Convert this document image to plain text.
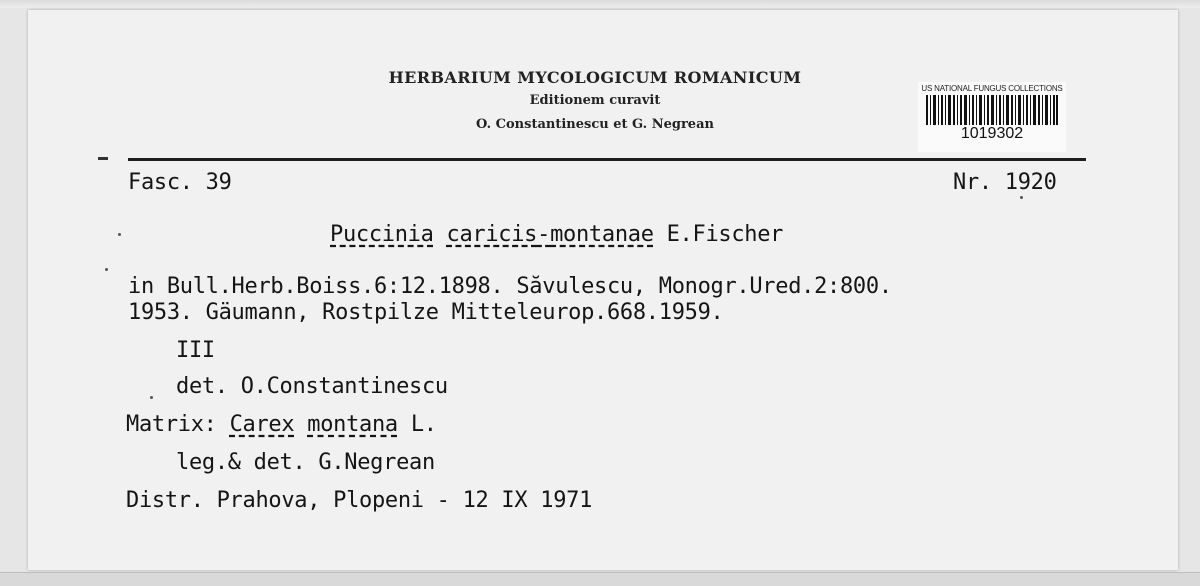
HERBARIUM MYCOLOGICUM ROMANICUM
Editionem curavit
O. Constantinescu et G. Negrean
US NATIONAL FUNGUS COLLECTIONS
1019302
Fasc. 39	Nr. 1920
Puccinia caricis-montanae E.Fischer
in Bull.Herb.Boiss.6:12.1898. Săvulescu, Monogr.Ured.2:800.
1953. Gäumann, Rostpilze Mitteleurop.668.1959.
III
det. O.Constantinescu
Matrix: Carex montana L.
leg.& det. G.Negrean
Distr. Prahova, Plopeni - 12 IX 1971
